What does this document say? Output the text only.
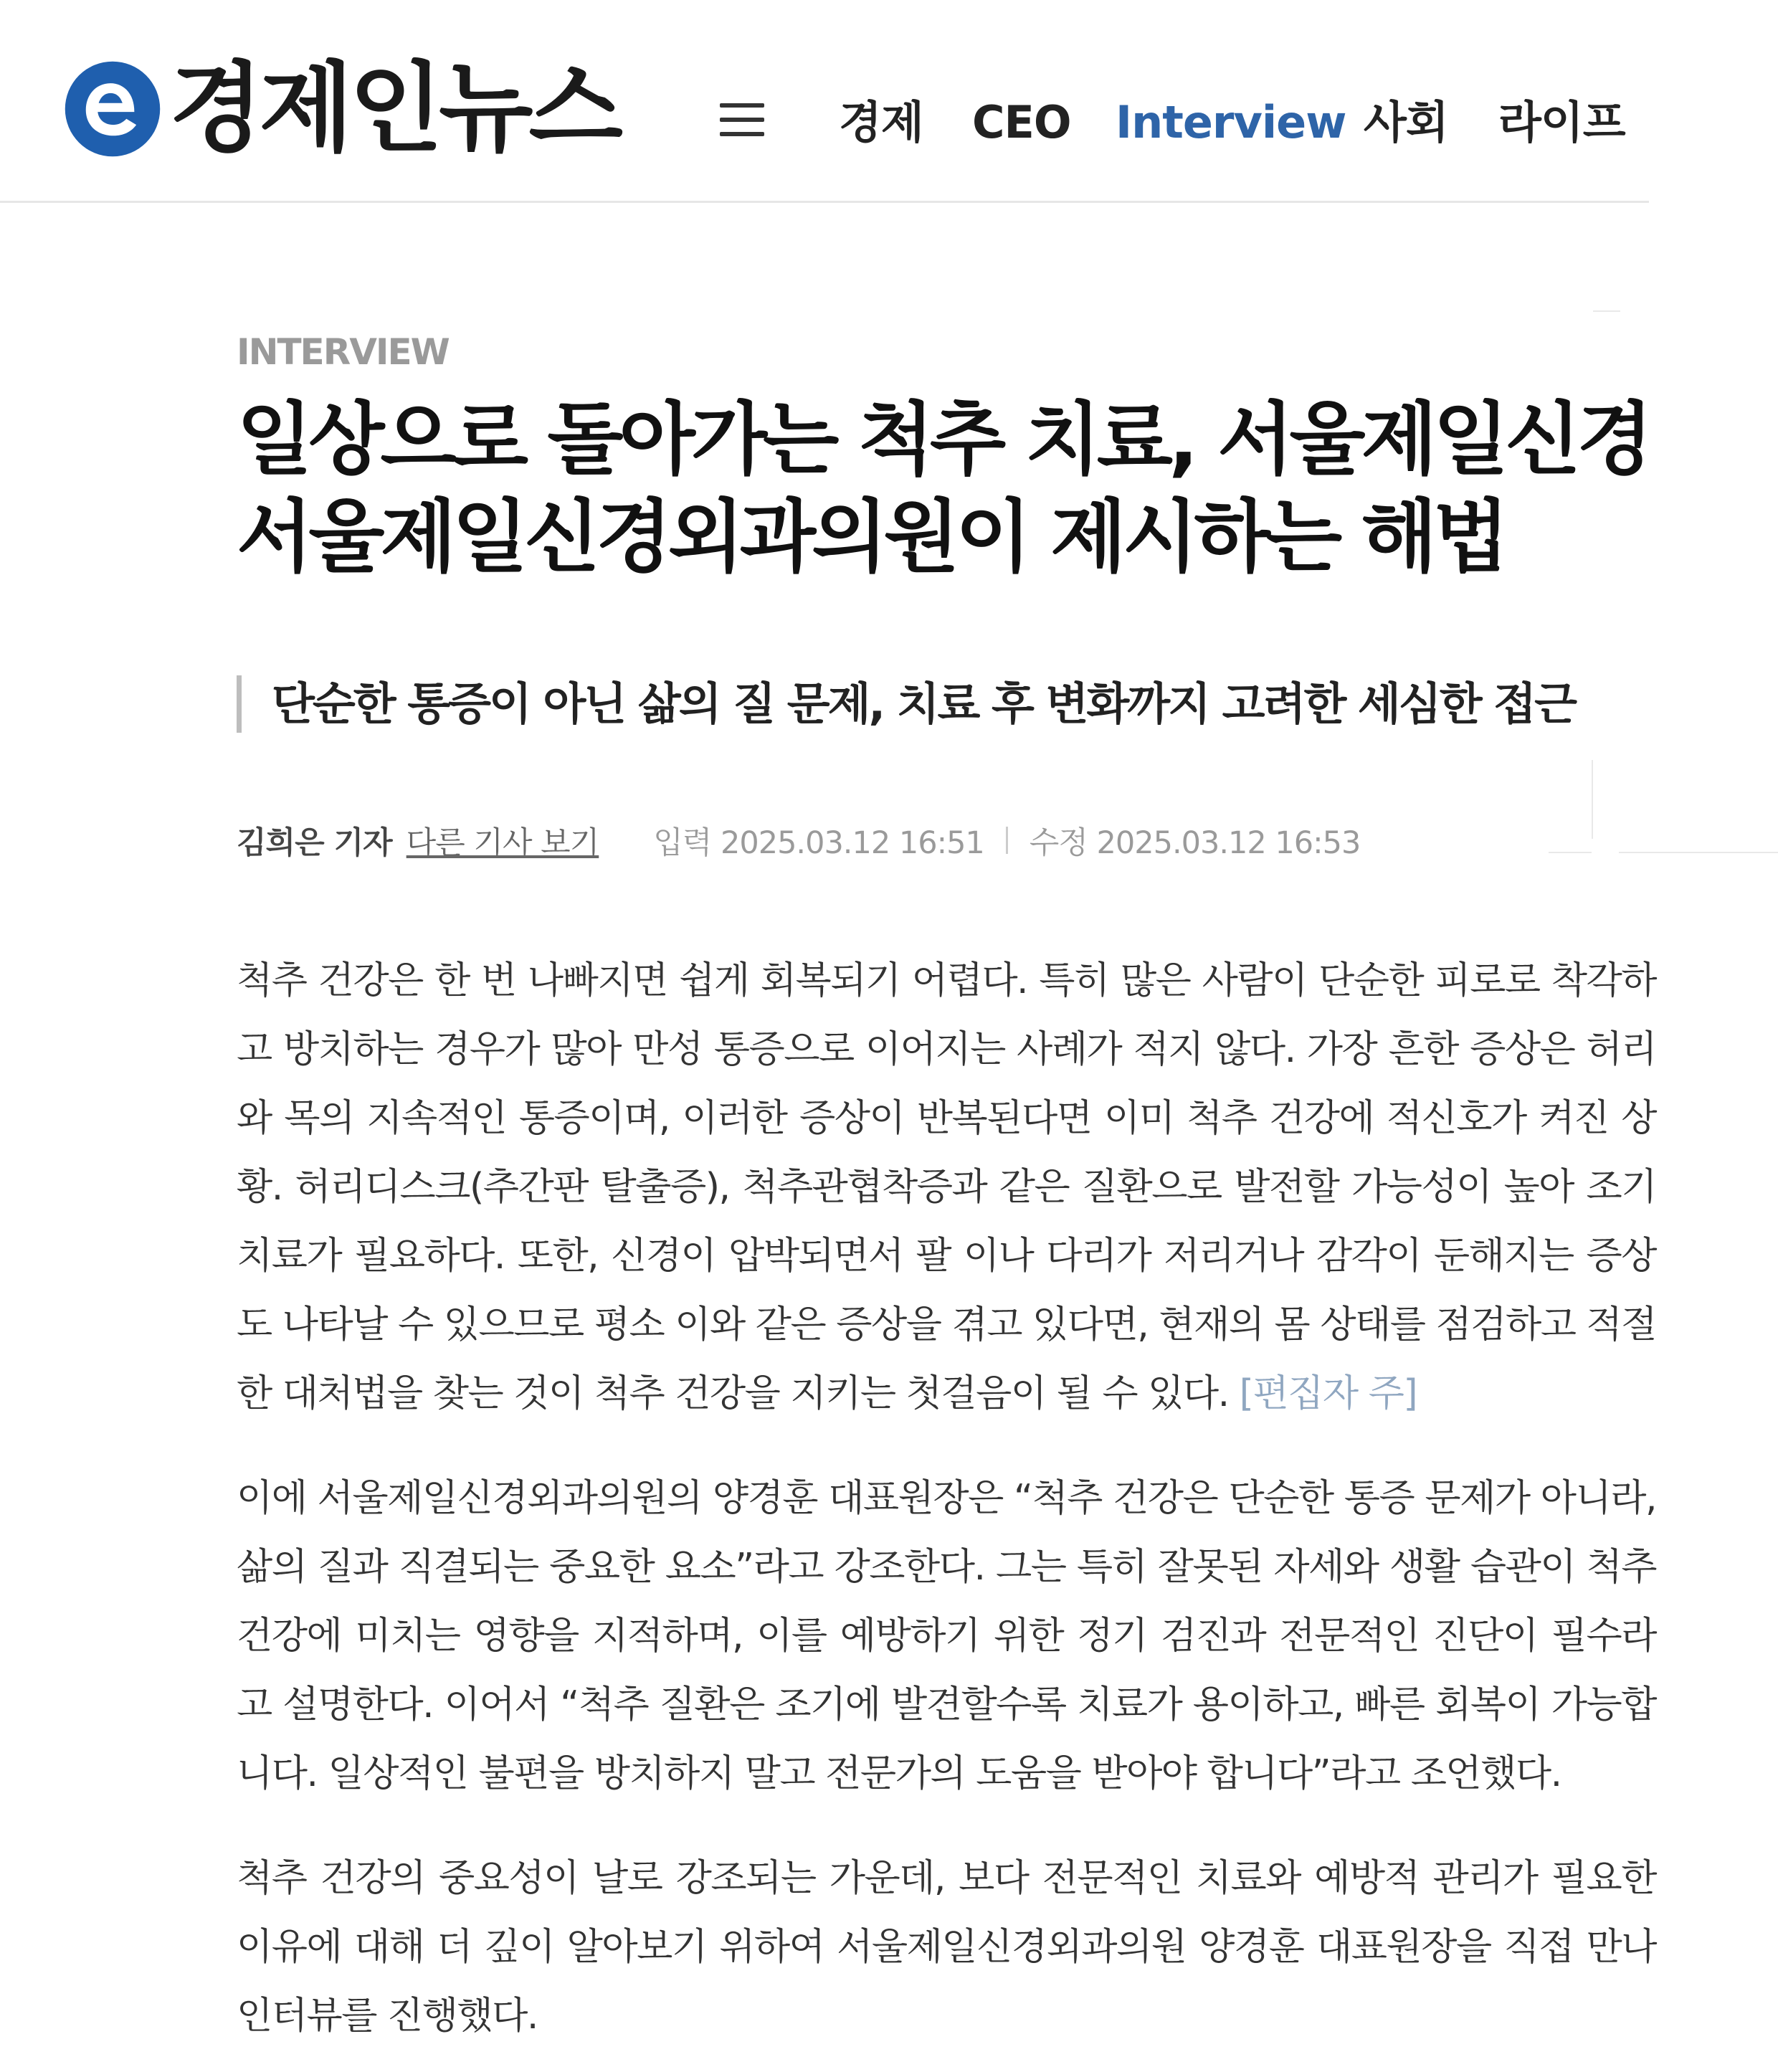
경제인뉴스	경제 CEO Interview 사회 라이프
INTERVIEW
일상으로 돌아가는 척추 치료, 서울제일신경
서울제일신경외과의원이 제시하는 해법
단순한 통증이 아닌 삶의 질 문제, 치료 후 변화까지 고려한 세심한 접근
김희은 기자 다른 기사 보기 입력 2025.03.12 16:51 수정 2025.03.12 16:53

척추 건강은 한 번 나빠지면 쉽게 회복되기 어렵다. 특히 많은 사람이 단순한 피로로 착각하고 방치하는 경우가 많아 만성 통증으로 이어지는 사례가 적지 않다. 가장 흔한 증상은 허리와 목의 지속적인 통증이며, 이러한 증상이 반복된다면 이미 척추 건강에 적신호가 켜진 상황. 허리디스크(추간판 탈출증), 척추관협착증과 같은 질환으로 발전할 가능성이 높아 조기 치료가 필요하다. 또한, 신경이 압박되면서 팔 이나 다리가 저리거나 감각이 둔해지는 증상도 나타날 수 있으므로 평소 이와 같은 증상을 겪고 있다면, 현재의 몸 상태를 점검하고 적절한 대처법을 찾는 것이 척추 건강을 지키는 첫걸음이 될 수 있다. [편집자 주]

이에 서울제일신경외과의원의 양경훈 대표원장은 “척추 건강은 단순한 통증 문제가 아니라, 삶의 질과 직결되는 중요한 요소”라고 강조한다. 그는 특히 잘못된 자세와 생활 습관이 척추 건강에 미치는 영향을 지적하며, 이를 예방하기 위한 정기 검진과 전문적인 진단이 필수라고 설명한다. 이어서 “척추 질환은 조기에 발견할수록 치료가 용이하고, 빠른 회복이 가능합니다. 일상적인 불편을 방치하지 말고 전문가의 도움을 받아야 합니다”라고 조언했다.

척추 건강의 중요성이 날로 강조되는 가운데, 보다 전문적인 치료와 예방적 관리가 필요한 이유에 대해 더 깊이 알아보기 위하여 서울제일신경외과의원 양경훈 대표원장을 직접 만나 인터뷰를 진행했다.
